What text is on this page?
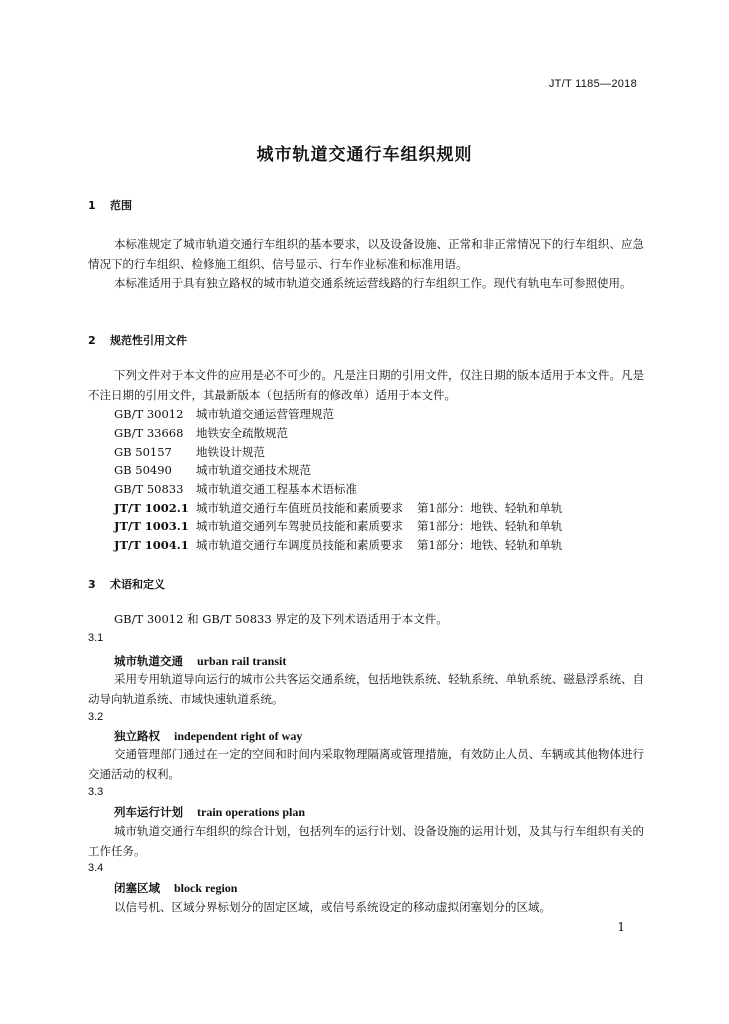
JT/T 1185—2018
城市轨道交通行车组织规则
1 范围
本标准规定了城市轨道交通行车组织的基本要求，以及设备设施、正常和非正常情况下的行车组织、应急情况下的行车组织、检修施工组织、信号显示、行车作业标准和标准用语。
本标准适用于具有独立路权的城市轨道交通系统运营线路的行车组织工作。现代有轨电车可参照使用。
2 规范性引用文件
下列文件对于本文件的应用是必不可少的。凡是注日期的引用文件，仅注日期的版本适用于本文件。凡是不注日期的引用文件，其最新版本（包括所有的修改单）适用于本文件。
GB/T 30012 城市轨道交通运营管理规范
GB/T 33668 地铁安全疏散规范
GB 50157 地铁设计规范
GB 50490 城市轨道交通技术规范
GB/T 50833 城市轨道交通工程基本术语标准
JT/T 1002.1 城市轨道交通行车值班员技能和素质要求 第1部分：地铁、轻轨和单轨
JT/T 1003.1 城市轨道交通列车驾驶员技能和素质要求 第1部分：地铁、轻轨和单轨
JT/T 1004.1 城市轨道交通行车调度员技能和素质要求 第1部分：地铁、轻轨和单轨
3 术语和定义
GB/T 30012 和 GB/T 50833 界定的及下列术语适用于本文件。
3.1
城市轨道交通 urban rail transit
采用专用轨道导向运行的城市公共客运交通系统，包括地铁系统、轻轨系统、单轨系统、磁悬浮系统、自动导向轨道系统、市域快速轨道系统。
3.2
独立路权 independent right of way
交通管理部门通过在一定的空间和时间内采取物理隔离或管理措施，有效防止人员、车辆或其他物体进行交通活动的权利。
3.3
列车运行计划 train operations plan
城市轨道交通行车组织的综合计划，包括列车的运行计划、设备设施的运用计划，及其与行车组织有关的工作任务。
3.4
闭塞区域 block region
以信号机、区域分界标划分的固定区域，或信号系统设定的移动虚拟闭塞划分的区域。
1
